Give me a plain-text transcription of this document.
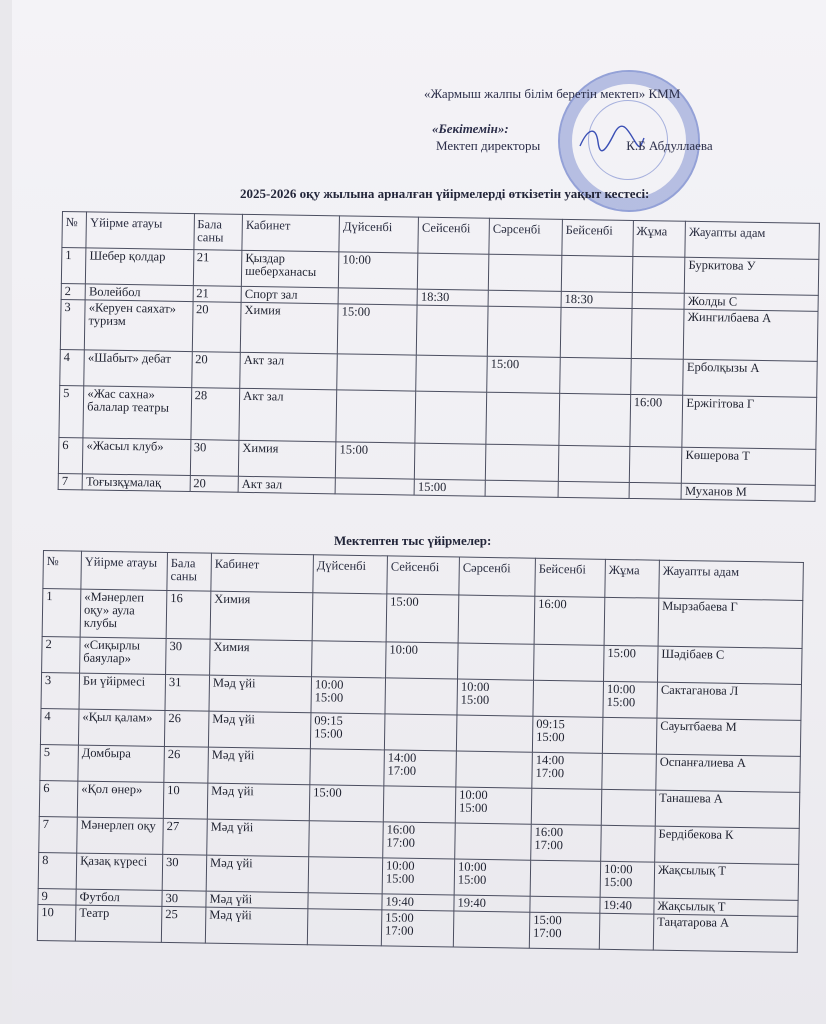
«Жармыш жалпы білім беретін мектеп» КММ
«Бекітемін»:
Мектеп директоры	К.Б Абдуллаева
2025-2026 оқу жылына арналған үйірмелерді өткізетін уақыт кестесі:
№	Үйірме атауы	Бала саны	Кабинет	Дүйсенбі	Сейсенбі	Сәрсенбі	Бейсенбі	Жұма	Жауапты адам
1	Шебер қолдар	21	Қыздар шеберханасы	10:00					Буркитова У
2	Волейбол	21	Спорт зал		18:30		18:30		Жолды С
3	«Керуен саяхат» туризм	20	Химия	15:00					Жингилбаева А
4	«Шабыт» дебат	20	Акт зал			15:00			Ерболқызы А
5	«Жас сахна» балалар театры	28	Акт зал					16:00	Ержігітова Г
6	«Жасыл клуб»	30	Химия	15:00					Көшерова Т
7	Тоғызқұмалақ	20	Акт зал		15:00				Муханов М
Мектептен тыс үйірмелер:
№	Үйірме атауы	Бала саны	Кабинет	Дүйсенбі	Сейсенбі	Сәрсенбі	Бейсенбі	Жұма	Жауапты адам
1	«Мәнерлеп оқу» аула клубы	16	Химия		15:00		16:00		Мырзабаева Г
2	«Сиқырлы баяулар»	30	Химия		10:00			15:00	Шәдібаев С
3	Би үйірмесі	31	Мәд үйі	10:00
15:00		10:00
15:00		10:00
15:00	Сактаганова Л
4	«Қыл қалам»	26	Мәд үйі	09:15
15:00			09:15
15:00		Сауытбаева М
5	Домбыра	26	Мәд үйі		14:00
17:00		14:00
17:00		Оспанғалиева А
6	«Қол өнер»	10	Мәд үйі	15:00		10:00
15:00			Танашева А
7	Мәнерлеп оқу	27	Мәд үйі		16:00
17:00		16:00
17:00		Бердібекова К
8	Қазақ күресі	30	Мәд үйі		10:00
15:00	10:00
15:00		10:00
15:00	Жақсылық Т
9	Футбол	30	Мәд үйі		19:40	19:40		19:40	Жақсылық Т
10	Театр	25	Мәд үйі		15:00
17:00		15:00
17:00		Таңатарова А
